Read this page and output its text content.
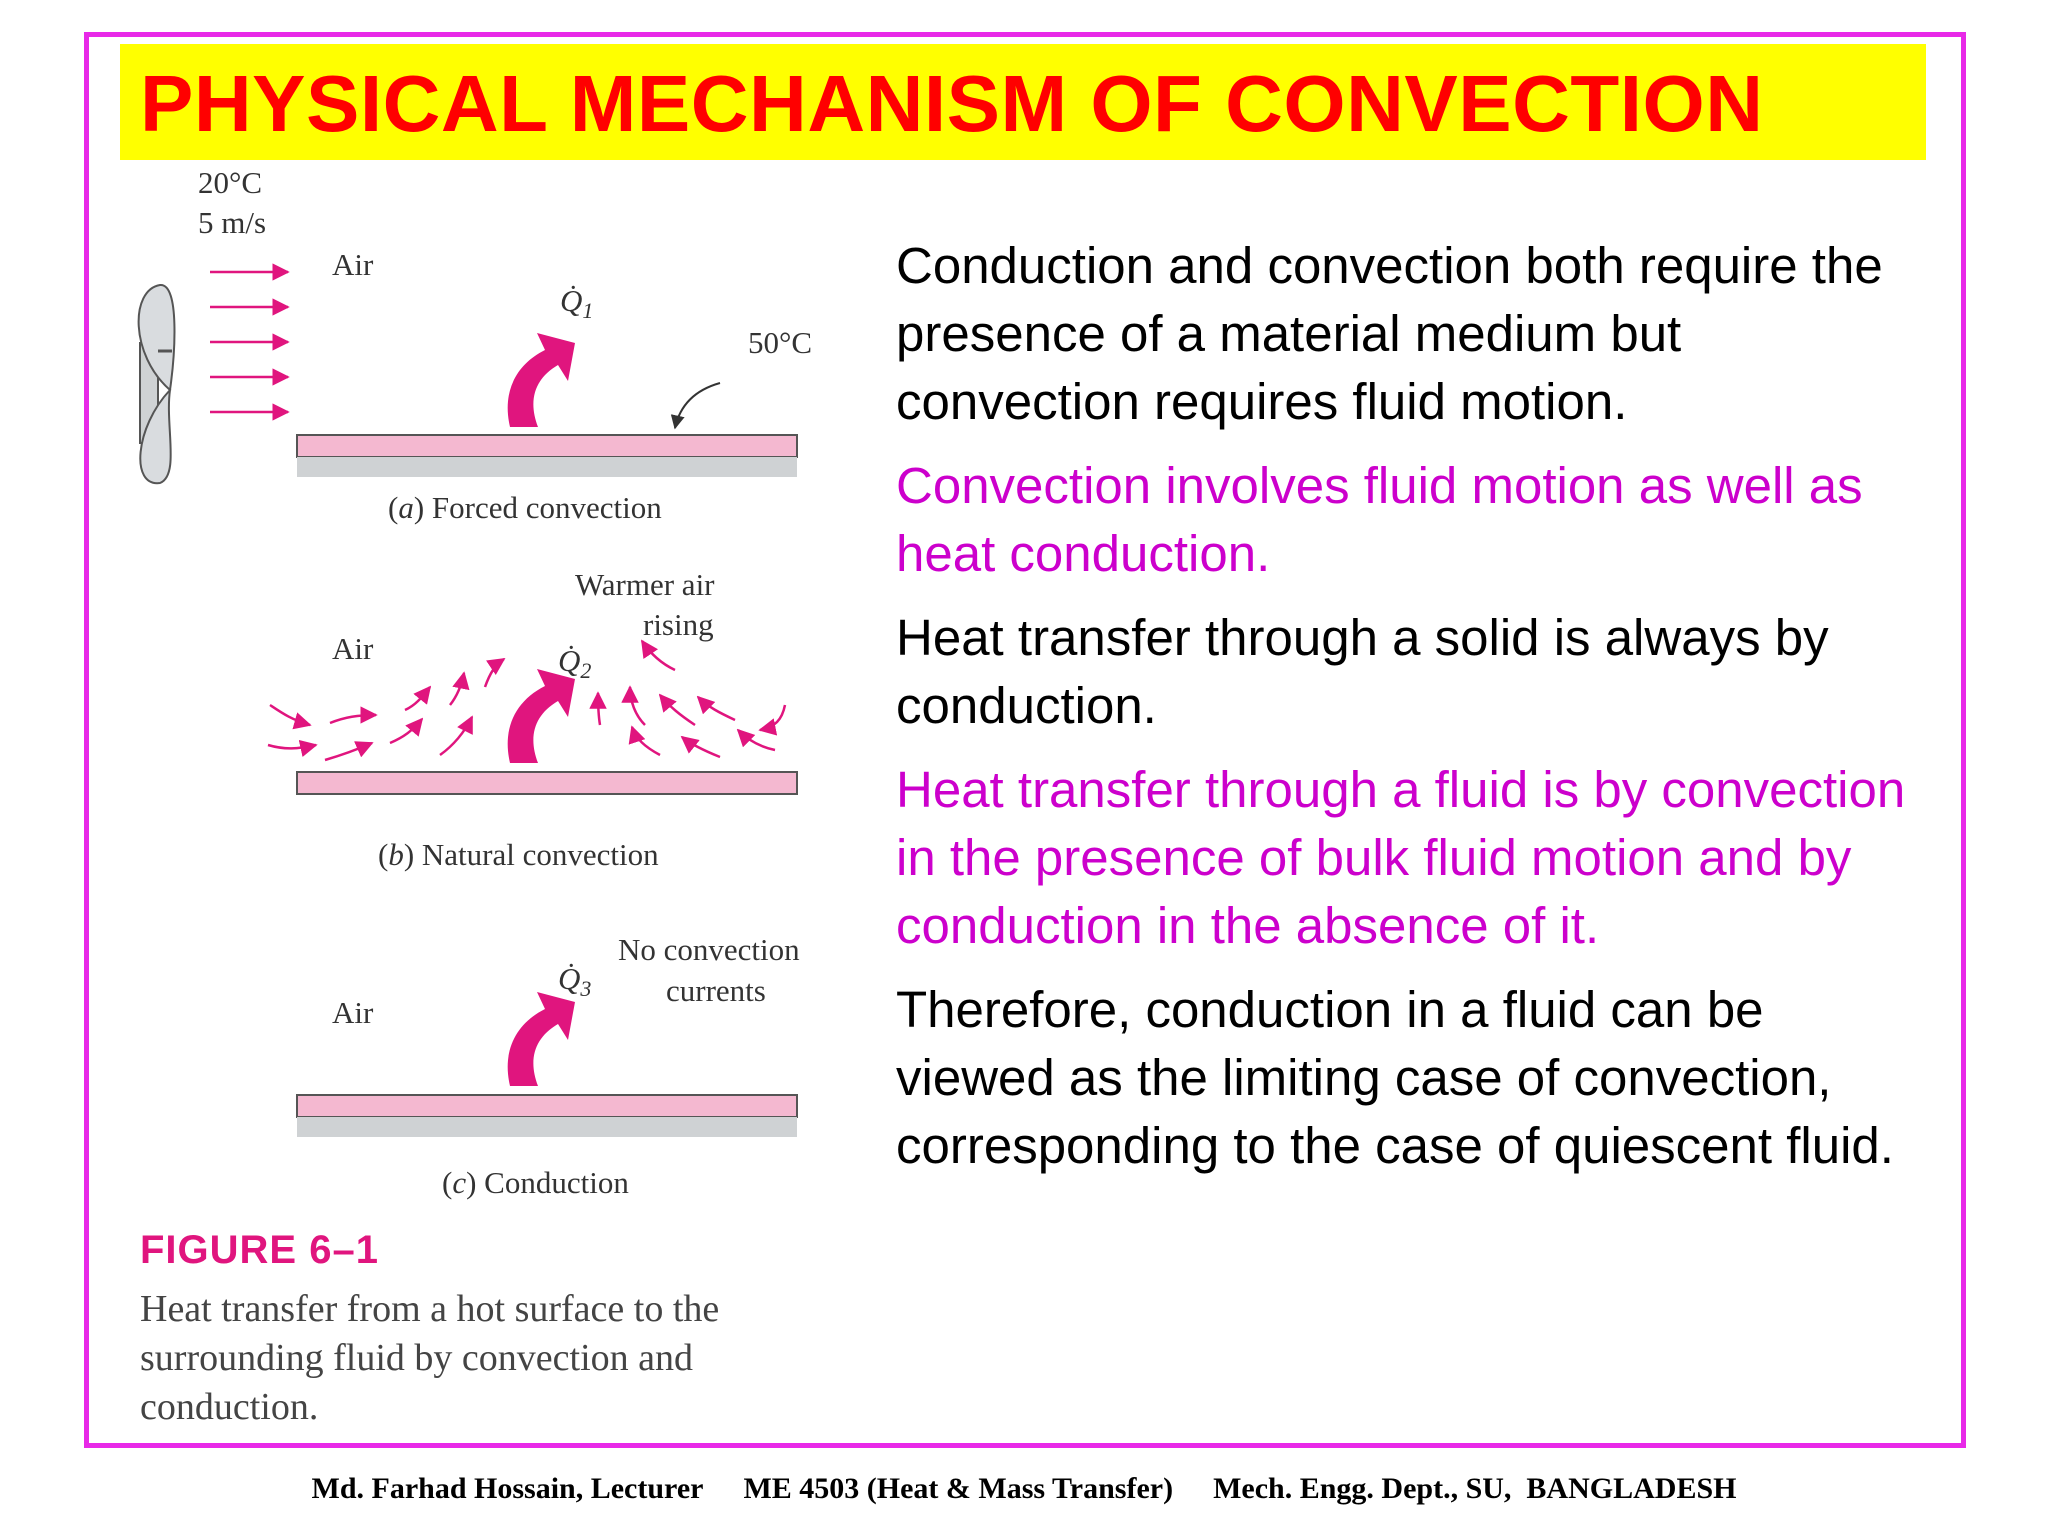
PHYSICAL MECHANISM OF CONVECTION
20°C
5 m/s
Air
$Q̇_1$
50°C
(a) Forced convection
Warmer air
rising
Air	$Q̇_2$
(b) Natural convection
No convection
currents
$Q̇_3$
Air
(c) Conduction
FIGURE 6–1
Heat transfer from a hot surface to the surrounding fluid by convection and conduction.

Conduction and convection both require the presence of a material medium but convection requires fluid motion.

Convection involves fluid motion as well as heat conduction.

Heat transfer through a solid is always by conduction.

Heat transfer through a fluid is by convection in the presence of bulk fluid motion and by conduction in the absence of it.

Therefore, conduction in a fluid can be viewed as the limiting case of convection, corresponding to the case of quiescent fluid.

Md. Farhad Hossain, Lecturer ME 4503 (Heat & Mass Transfer) Mech. Engg. Dept., SU,  BANGLADESH
